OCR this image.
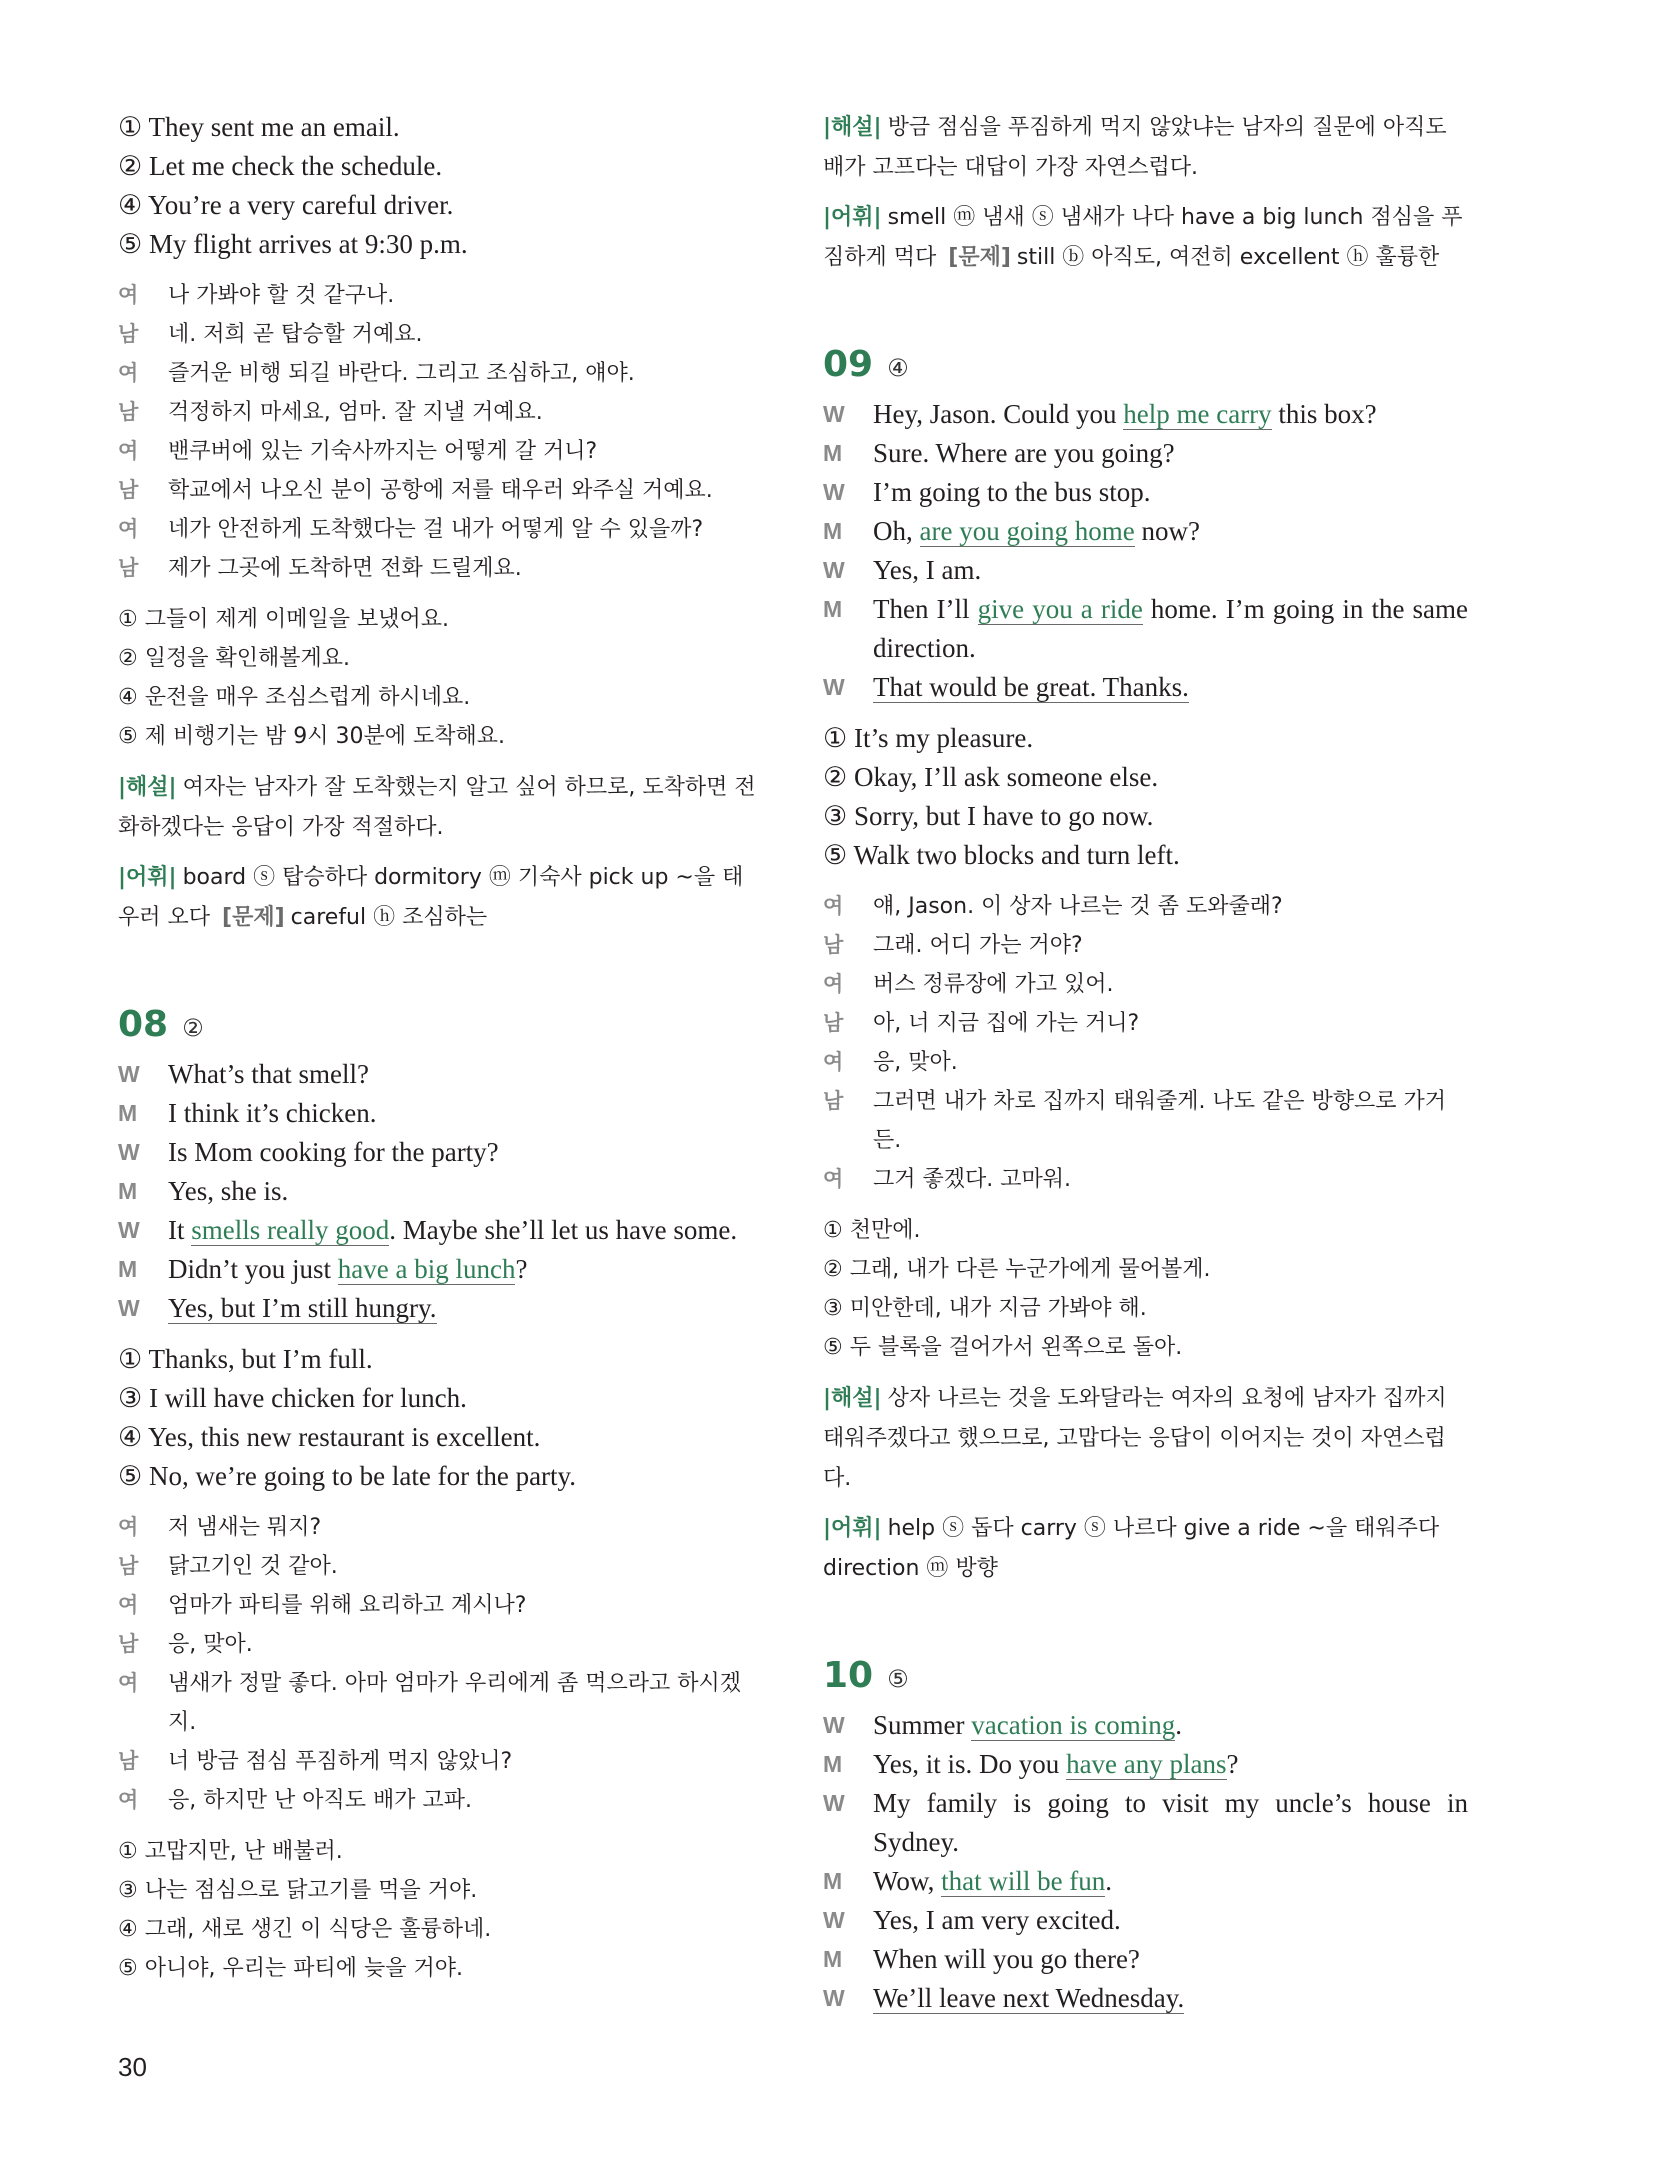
① They sent me an email.
② Let me check the schedule.
④ You’re a very careful driver.
⑤ My flight arrives at 9:30 p.m.
여	나 가봐야 할 것 같구나.
남	네. 저희 곧 탑승할 거예요.
여	즐거운 비행 되길 바란다. 그리고 조심하고, 얘야.
남	걱정하지 마세요, 엄마. 잘 지낼 거예요.
여	밴쿠버에 있는 기숙사까지는 어떻게 갈 거니?
남	학교에서 나오신 분이 공항에 저를 태우러 와주실 거예요.
여	네가 안전하게 도착했다는 걸 내가 어떻게 알 수 있을까?
남	제가 그곳에 도착하면 전화 드릴게요.
① 그들이 제게 이메일을 보냈어요.
② 일정을 확인해볼게요.
④ 운전을 매우 조심스럽게 하시네요.
⑤ 제 비행기는 밤 9시 30분에 도착해요.
|해설| 여자는 남자가 잘 도착했는지 알고 싶어 하므로, 도착하면 전화하겠다는 응답이 가장 적절하다.
|어휘| board ⓢ 탑승하다 dormitory ⓜ 기숙사 pick up ~을 태우러 오다 [문제] careful ⓗ 조심하는
08 ②
W	What’s that smell?
M	I think it’s chicken.
W	Is Mom cooking for the party?
M	Yes, she is.
W	It smells really good. Maybe she’ll let us have some.
M	Didn’t you just have a big lunch?
W	Yes, but I’m still hungry.
① Thanks, but I’m full.
③ I will have chicken for lunch.
④ Yes, this new restaurant is excellent.
⑤ No, we’re going to be late for the party.
여	저 냄새는 뭐지?
남	닭고기인 것 같아.
여	엄마가 파티를 위해 요리하고 계시나?
남	응, 맞아.
여	냄새가 정말 좋다. 아마 엄마가 우리에게 좀 먹으라고 하시겠지.
남	너 방금 점심 푸짐하게 먹지 않았니?
여	응, 하지만 난 아직도 배가 고파.
① 고맙지만, 난 배불러.
③ 나는 점심으로 닭고기를 먹을 거야.
④ 그래, 새로 생긴 이 식당은 훌륭하네.
⑤ 아니야, 우리는 파티에 늦을 거야.
|해설| 방금 점심을 푸짐하게 먹지 않았냐는 남자의 질문에 아직도 배가 고프다는 대답이 가장 자연스럽다.
|어휘| smell ⓜ 냄새 ⓢ 냄새가 나다 have a big lunch 점심을 푸짐하게 먹다 [문제] still ⓑ 아직도, 여전히 excellent ⓗ 훌륭한
09 ④
W	Hey, Jason. Could you help me carry this box?
M	Sure. Where are you going?
W	I’m going to the bus stop.
M	Oh, are you going home now?
W	Yes, I am.
M	Then I’ll give you a ride home. I’m going in the same direction.
W	That would be great. Thanks.
① It’s my pleasure.
② Okay, I’ll ask someone else.
③ Sorry, but I have to go now.
⑤ Walk two blocks and turn left.
여	얘, Jason. 이 상자 나르는 것 좀 도와줄래?
남	그래. 어디 가는 거야?
여	버스 정류장에 가고 있어.
남	아, 너 지금 집에 가는 거니?
여	응, 맞아.
남	그러면 내가 차로 집까지 태워줄게. 나도 같은 방향으로 가거든.
여	그거 좋겠다. 고마워.
① 천만에.
② 그래, 내가 다른 누군가에게 물어볼게.
③ 미안한데, 내가 지금 가봐야 해.
⑤ 두 블록을 걸어가서 왼쪽으로 돌아.
|해설| 상자 나르는 것을 도와달라는 여자의 요청에 남자가 집까지 태워주겠다고 했으므로, 고맙다는 응답이 이어지는 것이 자연스럽다.
|어휘| help ⓢ 돕다 carry ⓢ 나르다 give a ride ~을 태워주다 direction ⓜ 방향
10 ⑤
W	Summer vacation is coming.
M	Yes, it is. Do you have any plans?
W	My family is going to visit my uncle’s house in Sydney.
M	Wow, that will be fun.
W	Yes, I am very excited.
M	When will you go there?
W	We’ll leave next Wednesday.
30
